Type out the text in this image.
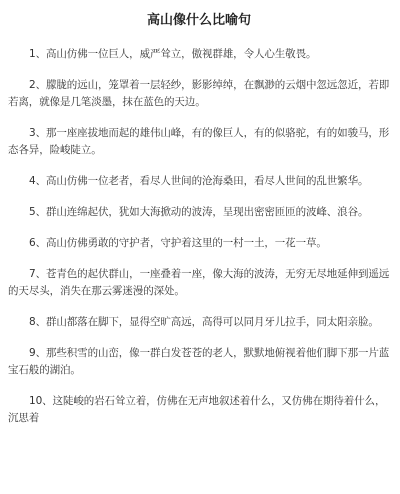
高山像什么比喻句

1、高山仿佛一位巨人，威严耸立，傲视群雄，令人心生敬畏。

2、朦胧的远山，笼罩着一层轻纱，影影绰绰，在飘渺的云烟中忽远忽近，若即若离，就像是几笔淡墨，抹在蓝色的天边。

3、那一座座拔地而起的雄伟山峰，有的像巨人，有的似骆驼，有的如骏马，形态各异，险峻陡立。

4、高山仿佛一位老者，看尽人世间的沧海桑田，看尽人世间的乱世繁华。

5、群山连绵起伏，犹如大海掀动的波涛，呈现出密密匝匝的波峰、浪谷。

6、高山仿佛勇敢的守护者，守护着这里的一村一土，一花一草。

7、苍青色的起伏群山，一座叠着一座，像大海的波涛，无穷无尽地延伸到遥远的天尽头，消失在那云雾迷漫的深处。

8、群山都落在脚下，显得空旷高远，高得可以同月牙儿拉手，同太阳亲脸。

9、那些积雪的山峦，像一群白发苍苍的老人，默默地俯视着他们脚下那一片蓝宝石般的湖泊。

10、这陡峻的岩石耸立着，仿佛在无声地叙述着什么，又仿佛在期待着什么，沉思着
